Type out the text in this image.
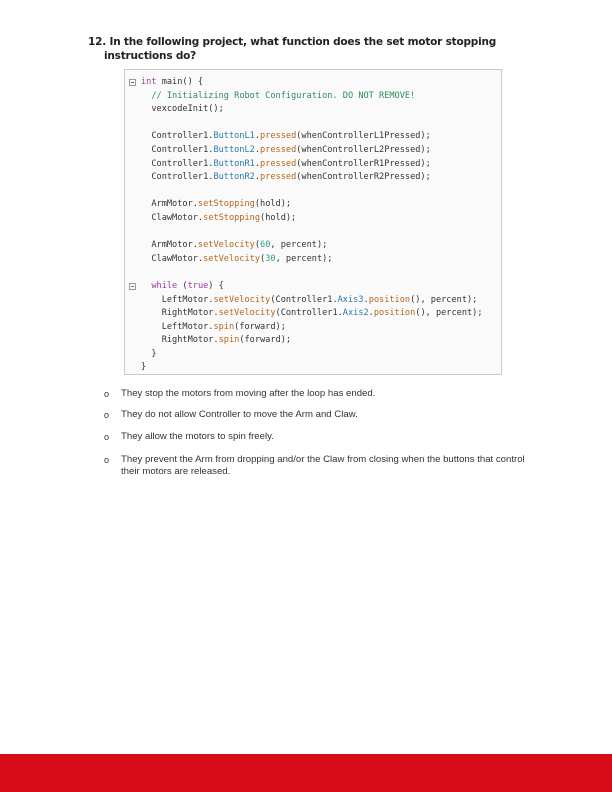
12. In the following project, what function does the set motor stopping
instructions do?
int main() {
// Initializing Robot Configuration. DO NOT REMOVE!
vexcodeInit();
Controller1.ButtonL1.pressed(whenControllerL1Pressed);
Controller1.ButtonL2.pressed(whenControllerL2Pressed);
Controller1.ButtonR1.pressed(whenControllerR1Pressed);
Controller1.ButtonR2.pressed(whenControllerR2Pressed);
ArmMotor.setStopping(hold);
ClawMotor.setStopping(hold);
ArmMotor.setVelocity(60, percent);
ClawMotor.setVelocity(30, percent);
while (true) {
LeftMotor.setVelocity(Controller1.Axis3.position(), percent);
RightMotor.setVelocity(Controller1.Axis2.position(), percent);
LeftMotor.spin(forward);
RightMotor.spin(forward);
}
}
o They stop the motors from moving after the loop has ended.
o They do not allow Controller to move the Arm and Claw.
o They allow the motors to spin freely.
o They prevent the Arm from dropping and/or the Claw from closing when the buttons that control their motors are released.
